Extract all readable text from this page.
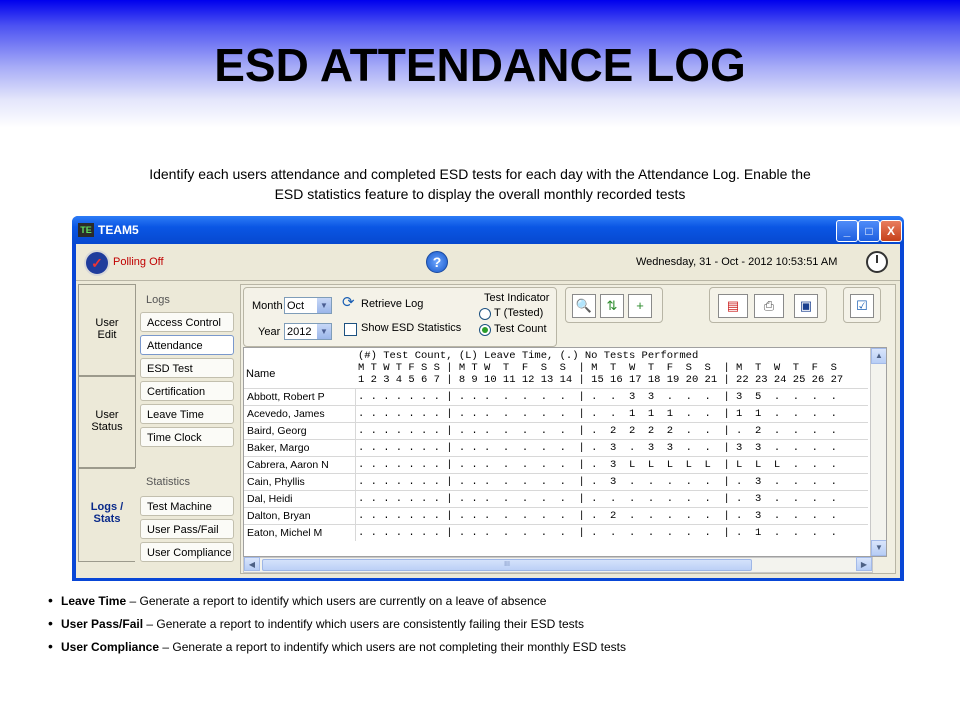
ESD ATTENDANCE LOG
Identify each users attendance and completed ESD tests for each day with the Attendance Log. Enable the
ESD statistics feature to display the overall monthly recorded tests
TE TEAM5	_	□	X
✓ Polling Off	?	Wednesday, 31 - Oct - 2012 10:53:51 AM
User
Edit
User
Status
Logs /
Stats
Logs
Access Control
Attendance
ESD Test
Certification
Leave Time
Time Clock
Statistics
Test Machine
User Pass/Fail
User Compliance
Month Oct	▼
Year 2012	▼
⟳ Retrieve Log
Show ESD Statistics
Test Indicator
T (Tested)
Test Count
🔍	⇅	+	▤	⎙	▣	☑
(#) Test Count, (L) Leave Time, (.) No Tests Performed
Name	M T W T F S S | M T W  T  F  S  S  | M  T  W  T  F  S  S  | M  T  W  T  F  S
1 2 3 4 5 6 7 | 8 9 10 11 12 13 14 | 15 16 17 18 19 20 21 | 22 23 24 25 26 27
Abbott, Robert P	. . . . . . . | . . .  .  .  .  .  | .  .  3  3  .  .  .  | 3  5  .  .  .  .
Acevedo, James	. . . . . . . | . . .  .  .  .  .  | .  .  1  1  1  .  .  | 1  1  .  .  .  .
Baird, Georg	. . . . . . . | . . .  .  .  .  .  | .  2  2  2  2  .  .  | .  2  .  .  .  .
Baker, Margo	. . . . . . . | . . .  .  .  .  .  | .  3  .  3  3  .  .  | 3  3  .  .  .  .
Cabrera, Aaron N	. . . . . . . | . . .  .  .  .  .  | .  3  L  L  L  L  L  | L  L  L  .  .  .
Cain, Phyllis	. . . . . . . | . . .  .  .  .  .  | .  3  .  .  .  .  .  | .  3  .  .  .  .
Dal, Heidi	. . . . . . . | . . .  .  .  .  .  | .  .  .  .  .  .  .  | .  3  .  .  .  .
Dalton, Bryan	. . . . . . . | . . .  .  .  .  .  | .  2  .  .  .  .  .  | .  3  .  .  .  .
Eaton, Michel M	. . . . . . . | . . .  .  .  .  .  | .  .  .  .  .  .  .  | .  1  .  .  .  .
▲
▼
◀	III	▶
• Leave Time – Generate a report to identify which users are currently on a leave of absence
• User Pass/Fail – Generate a report to indentify which users are consistently failing their ESD tests
• User Compliance – Generate a report to indentify which users are not completing their monthly ESD tests
